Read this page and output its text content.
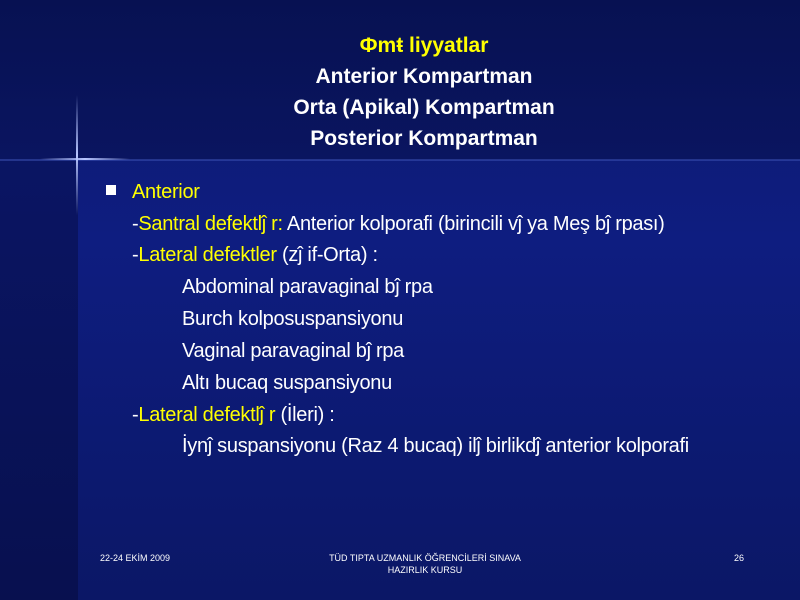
Фmŧ liyyatlar
Anterior Kompartman
Orta (Apikal) Kompartman
Posterior Kompartman
Anterior
-Santral defektlĵ r: Anterior kolporafi (birincili vĵ ya Meş bĵ rpası)
-Lateral defektler (zĵ if-Orta) :
Abdominal paravaginal bĵ rpa
Burch kolposuspansiyonu
Vaginal paravaginal bĵ rpa
Altı bucaq suspansiyonu
-Lateral defektlĵ r (İleri) :
İynĵ suspansiyonu (Raz 4 bucaq) ilĵ birlikdĵ anterior kolporafi
22-24 EKİM 2009	TÜD TIPTA UZMANLIK ÖĞRENCİLERİ SINAVA
HAZIRLIK KURSU
26
